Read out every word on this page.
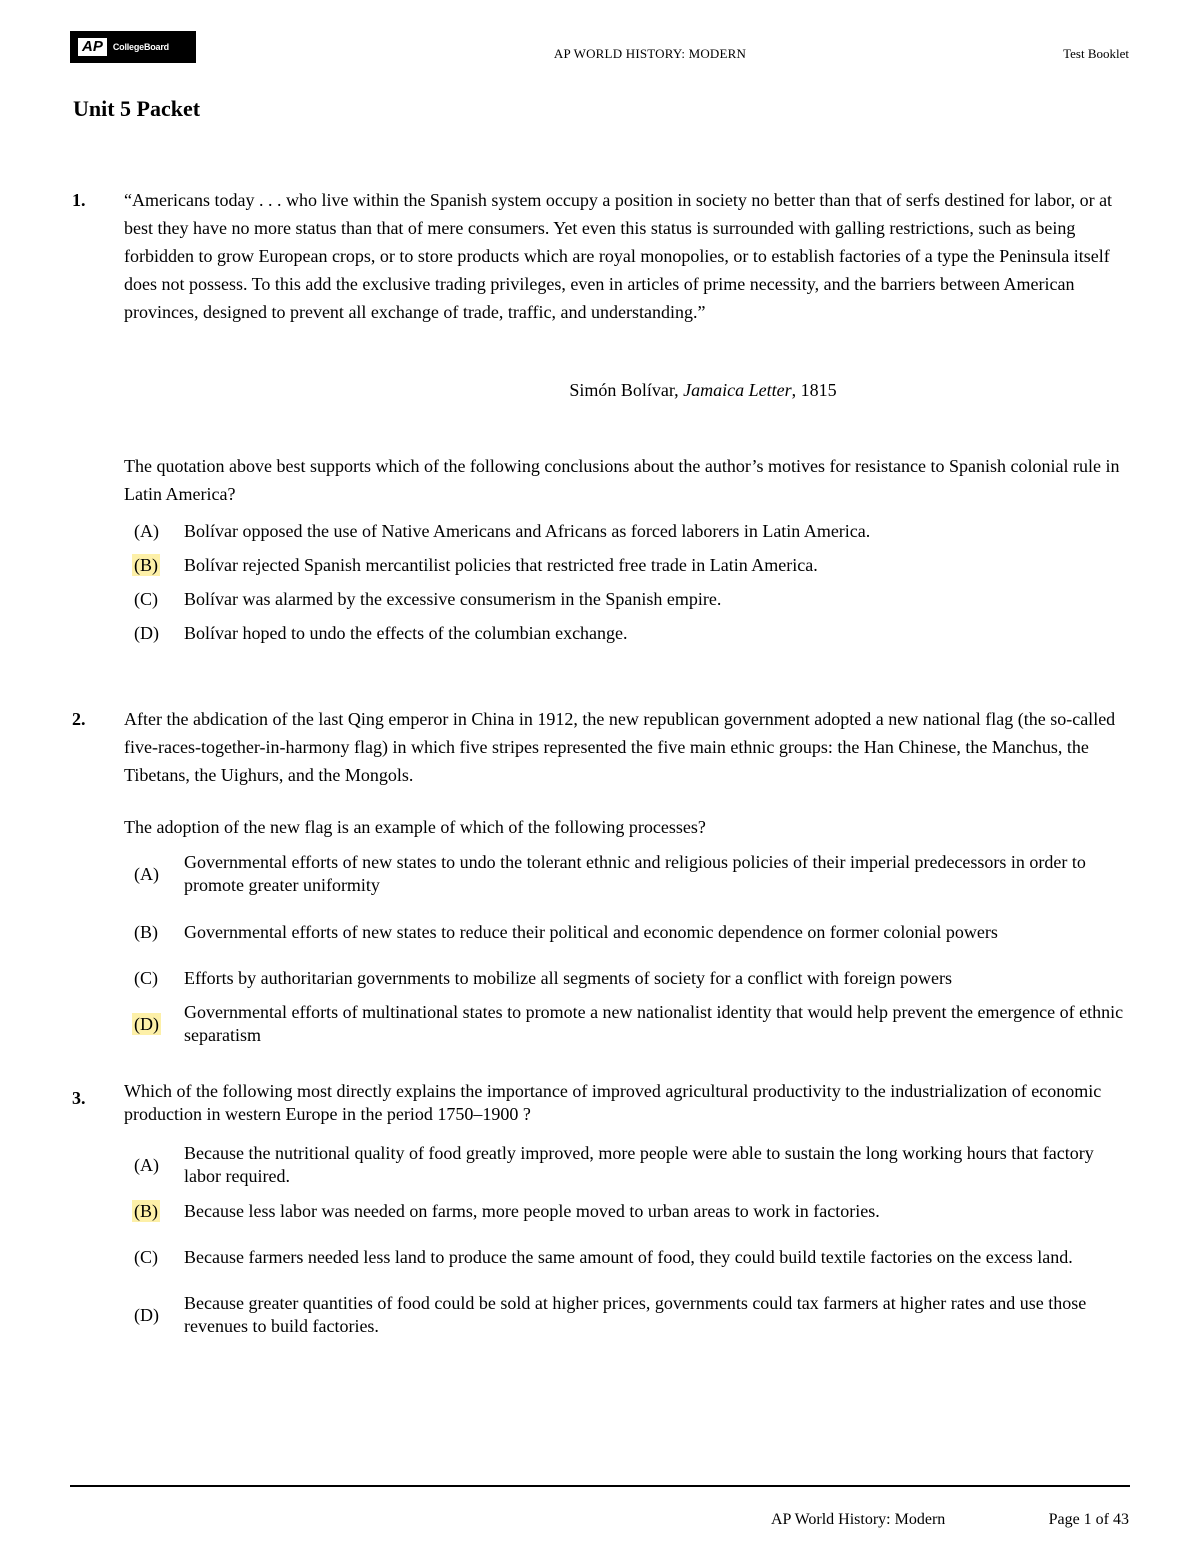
AP	CollegeBoard	AP WORLD HISTORY: MODERN	Test Booklet
Unit 5 Packet
1. “Americans today . . . who live within the Spanish system occupy a position in society no better than that of serfs destined for labor, or at best they have no more status than that of mere consumers. Yet even this status is surrounded with galling restrictions, such as being forbidden to grow European crops, or to store products which are royal monopolies, or to establish factories of a type the Peninsula itself does not possess. To this add the exclusive trading privileges, even in articles of prime necessity, and the barriers between American provinces, designed to prevent all exchange of trade, traffic, and understanding.”

Simón Bolívar, Jamaica Letter, 1815

The quotation above best supports which of the following conclusions about the author’s motives for resistance to Spanish colonial rule in Latin America?

(A)	Bolívar opposed the use of Native Americans and Africans as forced laborers in Latin America.
(B)	Bolívar rejected Spanish mercantilist policies that restricted free trade in Latin America.
(C)	Bolívar was alarmed by the excessive consumerism in the Spanish empire.
(D)	Bolívar hoped to undo the effects of the columbian exchange.
2. After the abdication of the last Qing emperor in China in 1912, the new republican government adopted a new national flag (the so-called five-races-together-in-harmony flag) in which five stripes represented the five main ethnic groups: the Han Chinese, the Manchus, the Tibetans, the Uighurs, and the Mongols.

The adoption of the new flag is an example of which of the following processes?

(A)
Governmental efforts of new states to undo the tolerant ethnic and religious policies of their imperial predecessors in order to promote greater uniformity
(B)	Governmental efforts of new states to reduce their political and economic dependence on former colonial powers
(C)	Efforts by authoritarian governments to mobilize all segments of society for a conflict with foreign powers
(D)
Governmental efforts of multinational states to promote a new nationalist identity that would help prevent the emergence of ethnic separatism
3. Which of the following most directly explains the importance of improved agricultural productivity to the industrialization of economic production in western Europe in the period 1750–1900 ?

(A)
Because the nutritional quality of food greatly improved, more people were able to sustain the long working hours that factory labor required.
(B)	Because less labor was needed on farms, more people moved to urban areas to work in factories.
(C)	Because farmers needed less land to produce the same amount of food, they could build textile factories on the excess land.
(D)
Because greater quantities of food could be sold at higher prices, governments could tax farmers at higher rates and use those revenues to build factories.
AP World History: Modern	Page 1 of 43
